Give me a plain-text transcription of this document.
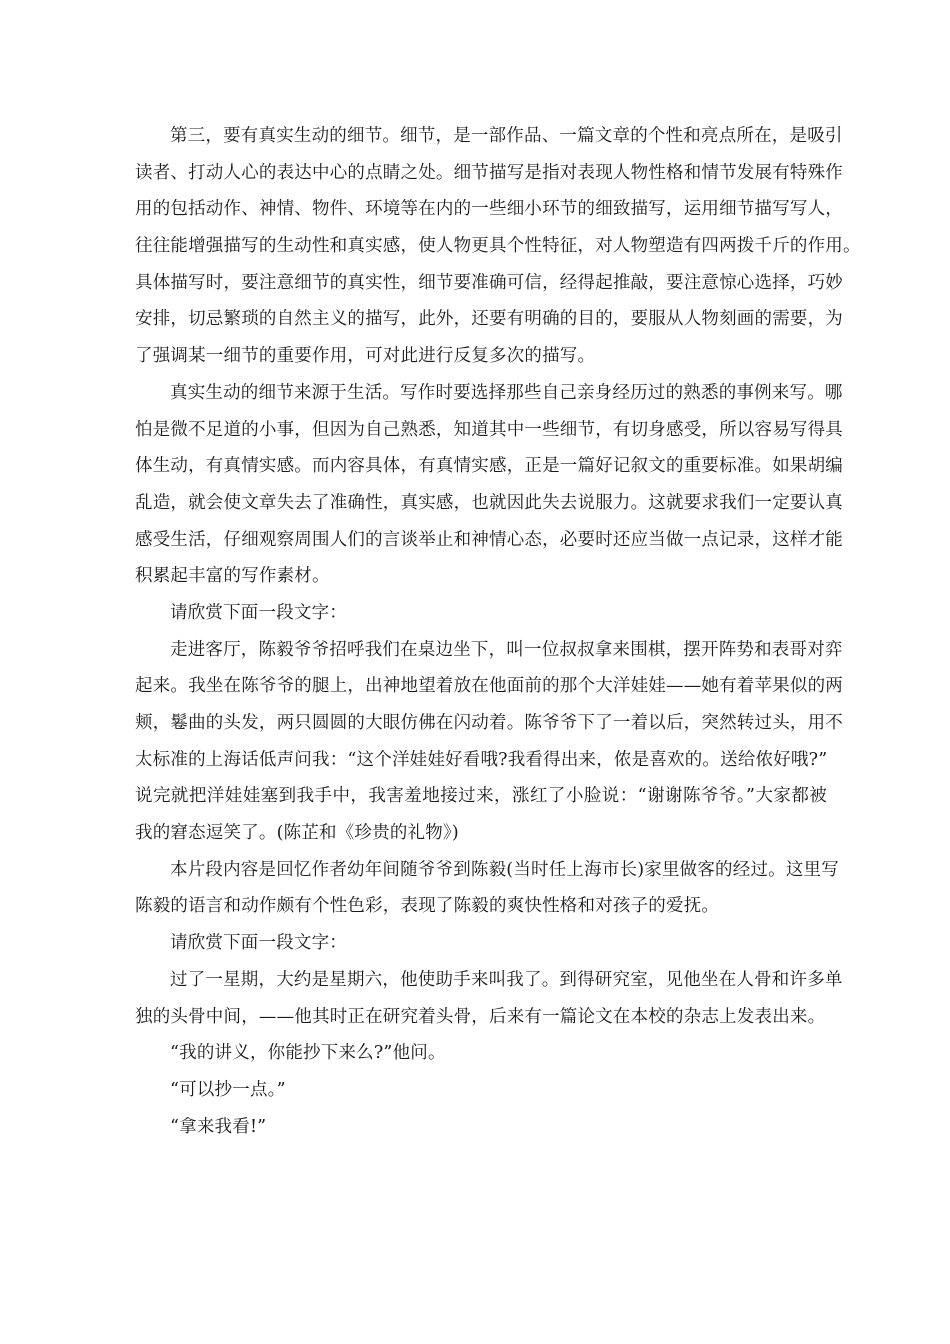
第三，要有真实生动的细节。细节，是一部作品、一篇文章的个性和亮点所在，是吸引
读者、打动人心的表达中心的点睛之处。细节描写是指对表现人物性格和情节发展有特殊作
用的包括动作、神情、物件、环境等在内的一些细小环节的细致描写，运用细节描写写人，
往往能增强描写的生动性和真实感，使人物更具个性特征，对人物塑造有四两拨千斤的作用。
具体描写时，要注意细节的真实性，细节要准确可信，经得起推敲，要注意惊心选择，巧妙
安排，切忌繁琐的自然主义的描写，此外，还要有明确的目的，要服从人物刻画的需要，为
了强调某一细节的重要作用，可对此进行反复多次的描写。
真实生动的细节来源于生活。写作时要选择那些自己亲身经历过的熟悉的事例来写。哪
怕是微不足道的小事，但因为自己熟悉，知道其中一些细节，有切身感受，所以容易写得具
体生动，有真情实感。而内容具体，有真情实感，正是一篇好记叙文的重要标准。如果胡编
乱造，就会使文章失去了准确性，真实感，也就因此失去说服力。这就要求我们一定要认真
感受生活，仔细观察周围人们的言谈举止和神情心态，必要时还应当做一点记录，这样才能
积累起丰富的写作素材。
请欣赏下面一段文字：
走进客厅，陈毅爷爷招呼我们在桌边坐下，叫一位叔叔拿来围棋，摆开阵势和表哥对弈
起来。我坐在陈爷爷的腿上，出神地望着放在他面前的那个大洋娃娃——她有着苹果似的两
颊，鬈曲的头发，两只圆圆的大眼仿佛在闪动着。陈爷爷下了一着以后，突然转过头，用不
太标准的上海话低声问我：“这个洋娃娃好看哦?我看得出来，侬是喜欢的。送给侬好哦?”
说完就把洋娃娃塞到我手中，我害羞地接过来，涨红了小脸说：“谢谢陈爷爷。”大家都被
我的窘态逗笑了。(陈芷和《珍贵的礼物》)
本片段内容是回忆作者幼年间随爷爷到陈毅(当时任上海市长)家里做客的经过。这里写
陈毅的语言和动作颇有个性色彩，表现了陈毅的爽快性格和对孩子的爱抚。
请欣赏下面一段文字：
过了一星期，大约是星期六，他使助手来叫我了。到得研究室，见他坐在人骨和许多单
独的头骨中间，——他其时正在研究着头骨，后来有一篇论文在本校的杂志上发表出来。
“我的讲义，你能抄下来么?”他问。
“可以抄一点。”
“拿来我看!”
